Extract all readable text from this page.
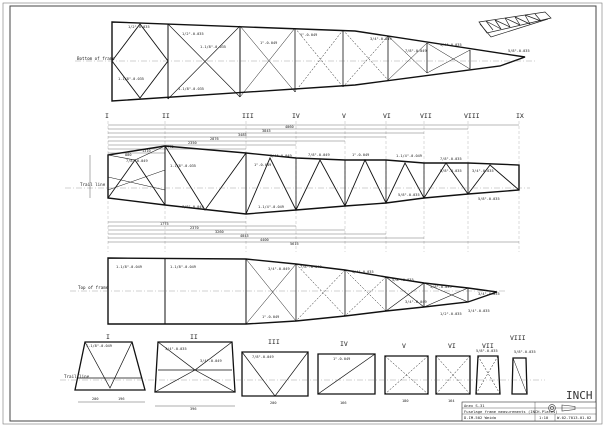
Bottom of frame
1/2"-0.035
1/2"-0.035
1"-0.049
1"-0.049
3/4"-0.049
7/8"-0.049
3/4"-0.035
5/8"-0.035
1-1/8"-0.035
1-1/8"-0.035
1-1/8"-0.035
I	II	III	IV	V	VI	VII	VIII	IX
4060
3845
3485
2876
2350
1775
1310
800
1775
2370
3260
4045
4400
5615
Trail line
7/8"-0.049
1-1/8"-0.035	1"-0.049
3/4"-0.049	7/8"-0.049	1"-0.049	1-1/4"-0.049
7/8"-0.035
3/4"-0.035
5/8"-0.035
5/8"-0.035
1-1/4"-0.049
7/8"-0.049
5/8"-0.035
Top of frame
1-1/8"-0.049	1-1/8"-0.049	3/4"-0.049	7/8"-0.049
3/4"-0.035
5/8"-0.035
5/8"-0.035
3/4"-0.035
1"-0.049
1/2"-0.035
3/4"-0.049
3/4"-0.035
Trail line
I	II
III	IV	V	VI	VII
VIII
1-1/8"-0.049
3/4"-0.035
7/8"-0.049	1"-0.049
3/4"-0.049
5/8"-0.035	5/8"-0.035
200	196
396
200	166	180	164
Anex S-31
Fuselage frame measurements (INCH-Plates)
D.IM-502 Weida	1:10 W-02-7013-01-02
INCH
